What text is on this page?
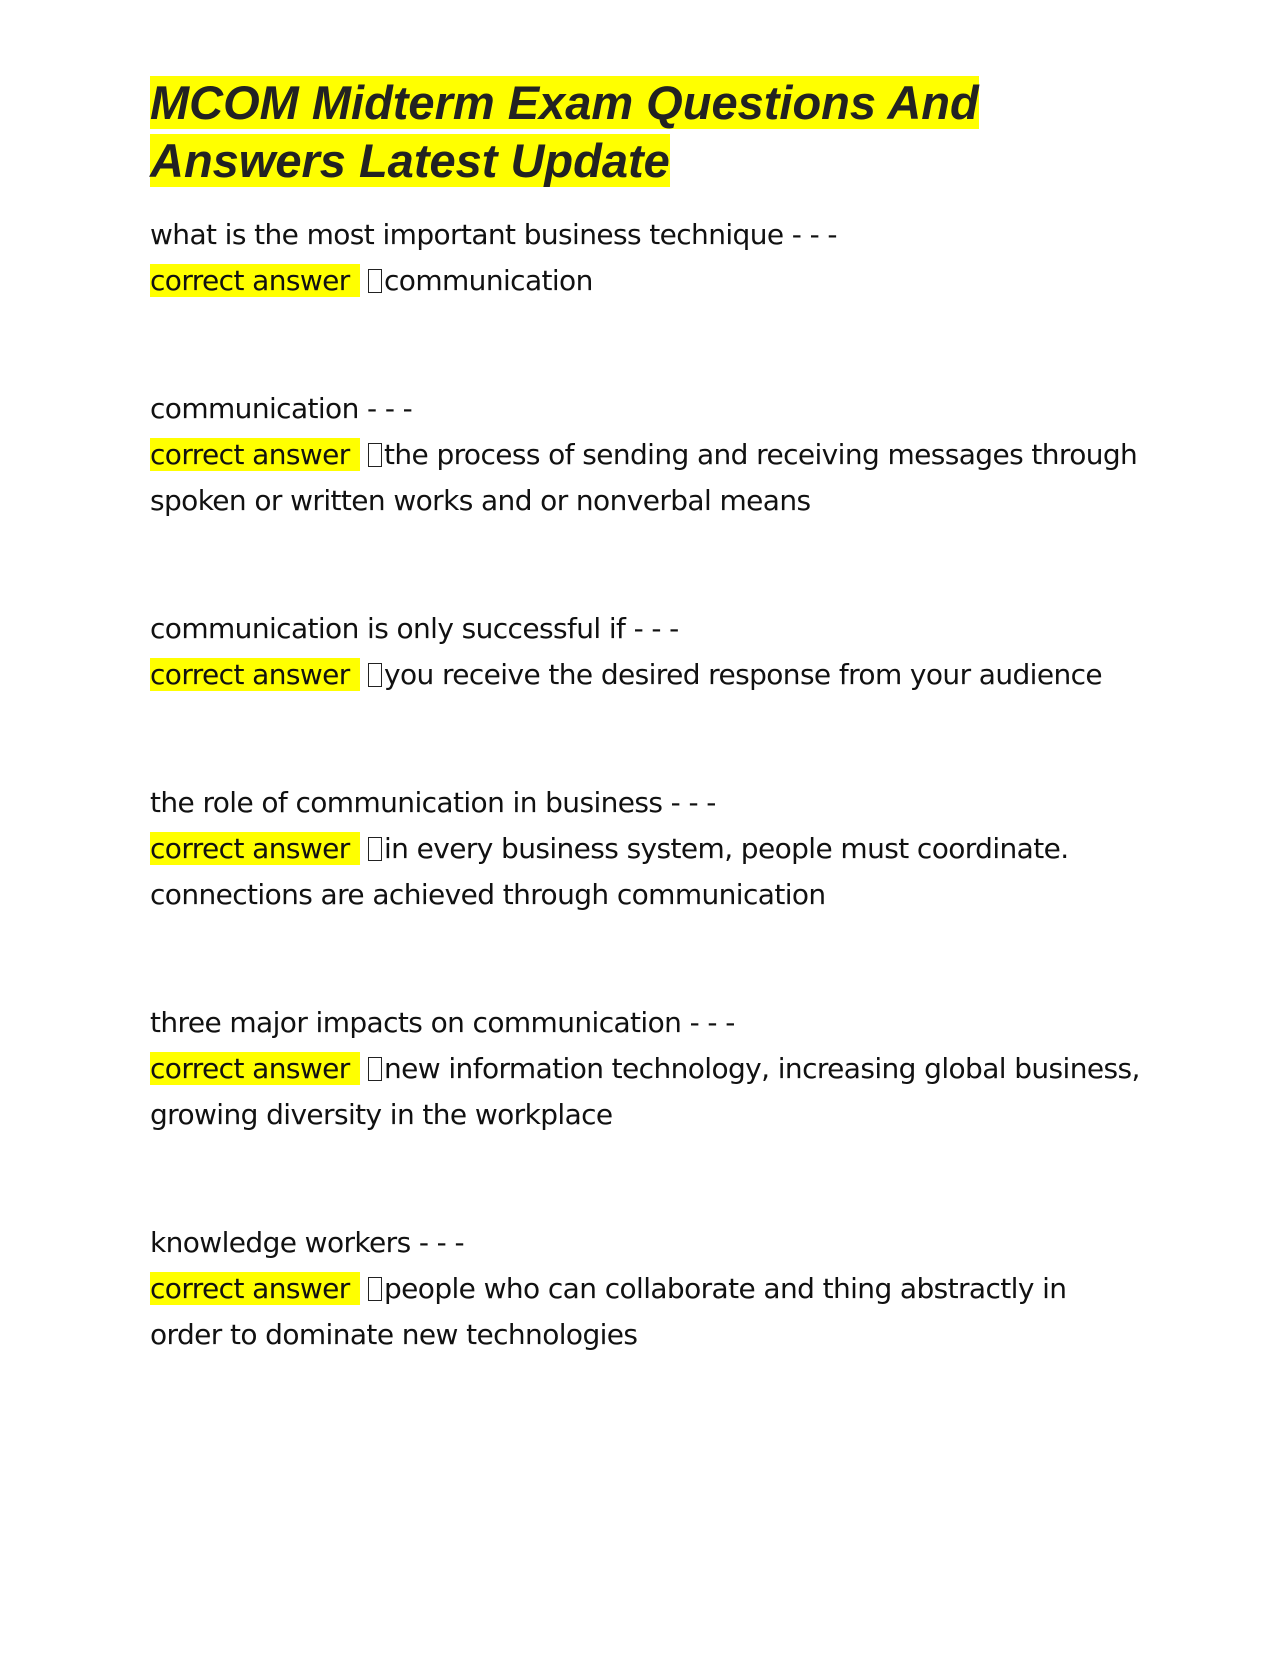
MCOM Midterm Exam Questions And
Answers Latest Update
what is the most important business technique - - -
correct answer communication
communication - - -
correct answer the process of sending and receiving messages through spoken or written works and or nonverbal means
communication is only successful if - - -
correct answer you receive the desired response from your audience
the role of communication in business - - -
correct answer in every business system, people must coordinate. connections are achieved through communication
three major impacts on communication - - -
correct answer new information technology, increasing global business, growing diversity in the workplace
knowledge workers - - -
correct answer people who can collaborate and thing abstractly in order to dominate new technologies
